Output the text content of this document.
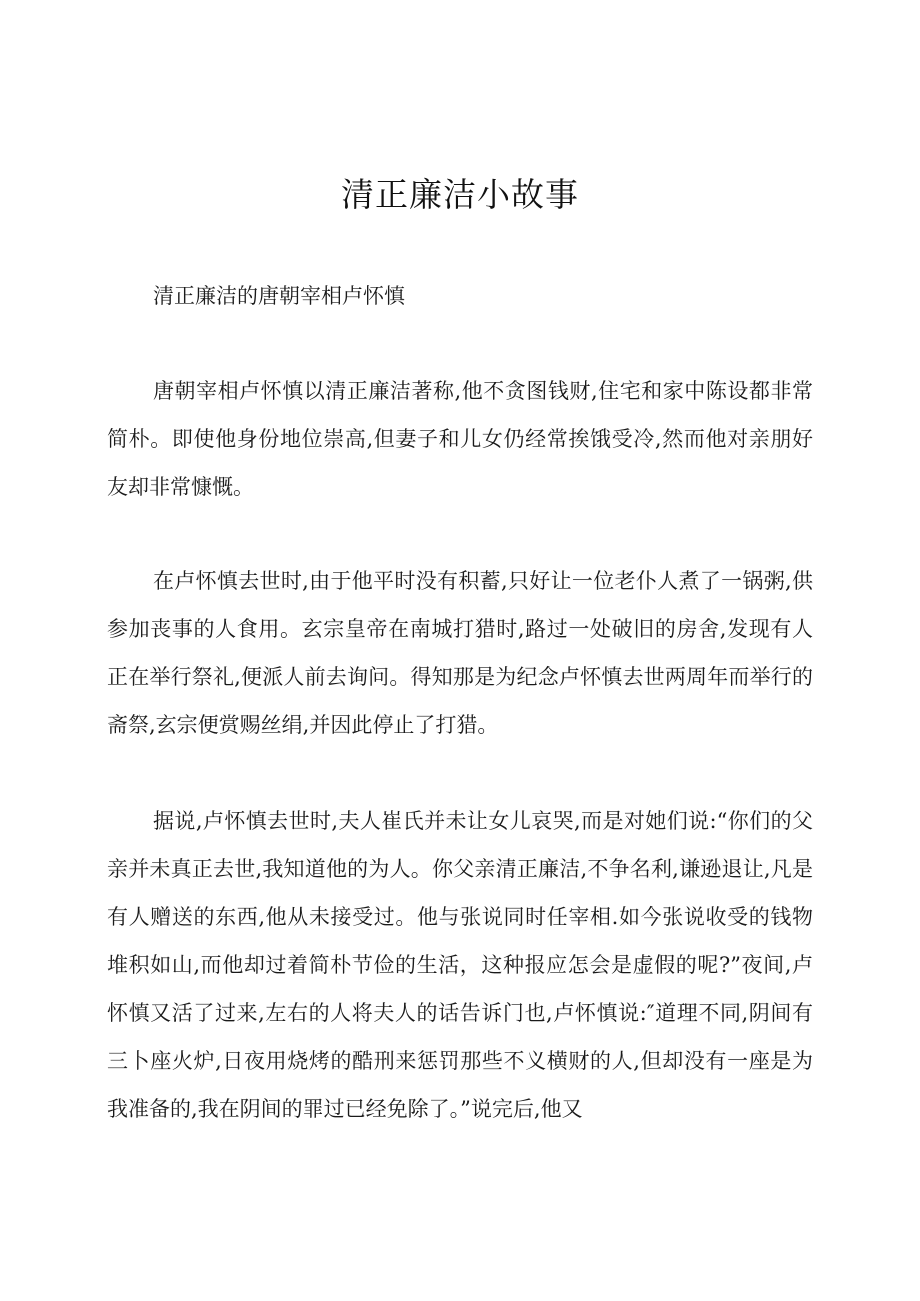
清正廉洁小故事

清正廉洁的唐朝宰相卢怀慎

唐朝宰相卢怀慎以清正廉洁著称,他不贪图钱财,住宅和家中陈设都非常简朴。即使他身份地位崇高,但妻子和儿女仍经常挨饿受冷,然而他对亲朋好友却非常慷慨。

在卢怀慎去世时,由于他平时没有积蓄,只好让一位老仆人煮了一锅粥,供参加丧事的人食用。玄宗皇帝在南城打猎时,路过一处破旧的房舍,发现有人正在举行祭礼,便派人前去询问。得知那是为纪念卢怀慎去世两周年而举行的斋祭,玄宗便赏赐丝绢,并因此停止了打猎。

据说,卢怀慎去世时,夫人崔氏并未让女儿哀哭,而是对她们说:“你们的父亲并未真正去世,我知道他的为人。你父亲清正廉洁,不争名利,谦逊退让,凡是有人赠送的东西,他从未接受过。他与张说同时任宰相.如今张说收受的钱物堆积如山,而他却过着简朴节俭的生活，这种报应怎会是虚假的呢?”夜间,卢怀慎又活了过来,左右的人将夫人的话告诉门也,卢怀慎说:″道理不同,阴间有三卜座火炉,日夜用烧烤的酷刑来惩罚那些不义横财的人,但却没有一座是为我准备的,我在阴间的罪过已经免除了。”说完后,他又
